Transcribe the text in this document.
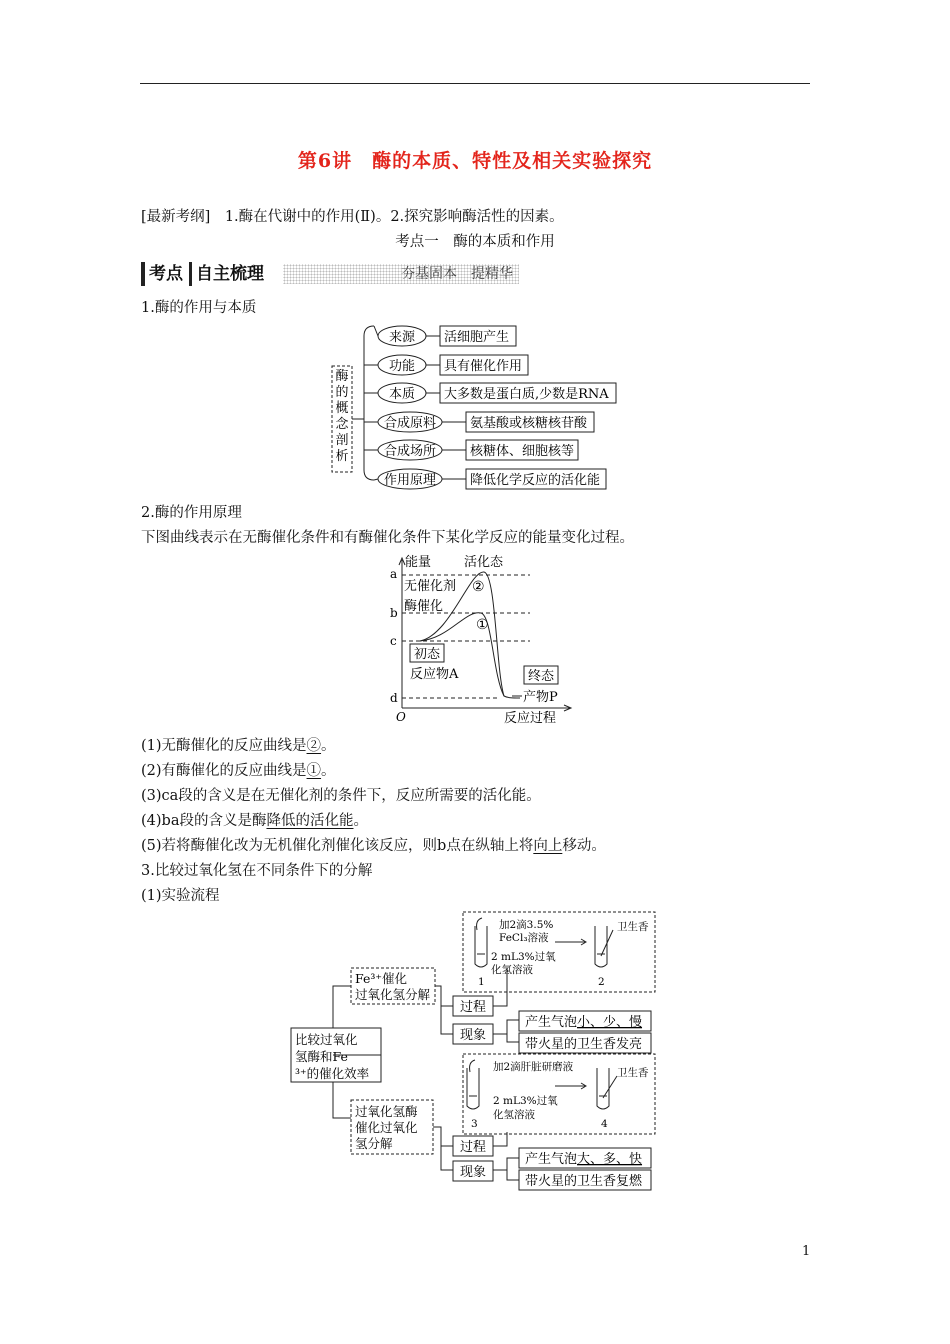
第6讲　酶的本质、特性及相关实验探究
[最新考纲]　1.酶在代谢中的作用(Ⅱ)。2.探究影响酶活性的因素。
考点一　酶的本质和作用
考点 自主梳理	夯基固本　提精华
1.酶的作用与本质
酶
的
概
念
剖
析
来源 活细胞产生
功能 具有催化作用
本质 大多数是蛋白质,少数是RNA
合成原料	氨基酸或核糖核苷酸
合成场所	核糖体、细胞核等
作用原理	降低化学反应的活化能
2.酶的作用原理
下图曲线表示在无酶催化条件和有酶催化条件下某化学反应的能量变化过程。
a
b
c
d
O
能量	活化态
无催化剂
酶催化
②
①
初态
反应物A	终态
产物P
反应过程
(1)无酶催化的反应曲线是②。
(2)有酶催化的反应曲线是①。
(3)ca段的含义是在无催化剂的条件下，反应所需要的活化能。
(4)ba段的含义是酶降低的活化能。
(5)若将酶催化改为无机催化剂催化该反应，则b点在纵轴上将向上移动。
3.比较过氧化氢在不同条件下的分解
(1)实验流程
比较过氧化
氢酶和Fe
³⁺的催化效率
Fe³⁺催化
过氧化氢分解
过程
现象
产生气泡小、少、慢
带火星的卫生香发亮
加2滴3.5%
FeCl₃溶液
2 mL3%过氧
化氢溶液
卫生香
1	2
过氧化氢酶
催化过氧化
氢分解	过程
现象
产生气泡大、多、快
带火星的卫生香复燃
加2滴肝脏研磨液
2 mL3%过氧
化氢溶液
卫生香
3	4
1
